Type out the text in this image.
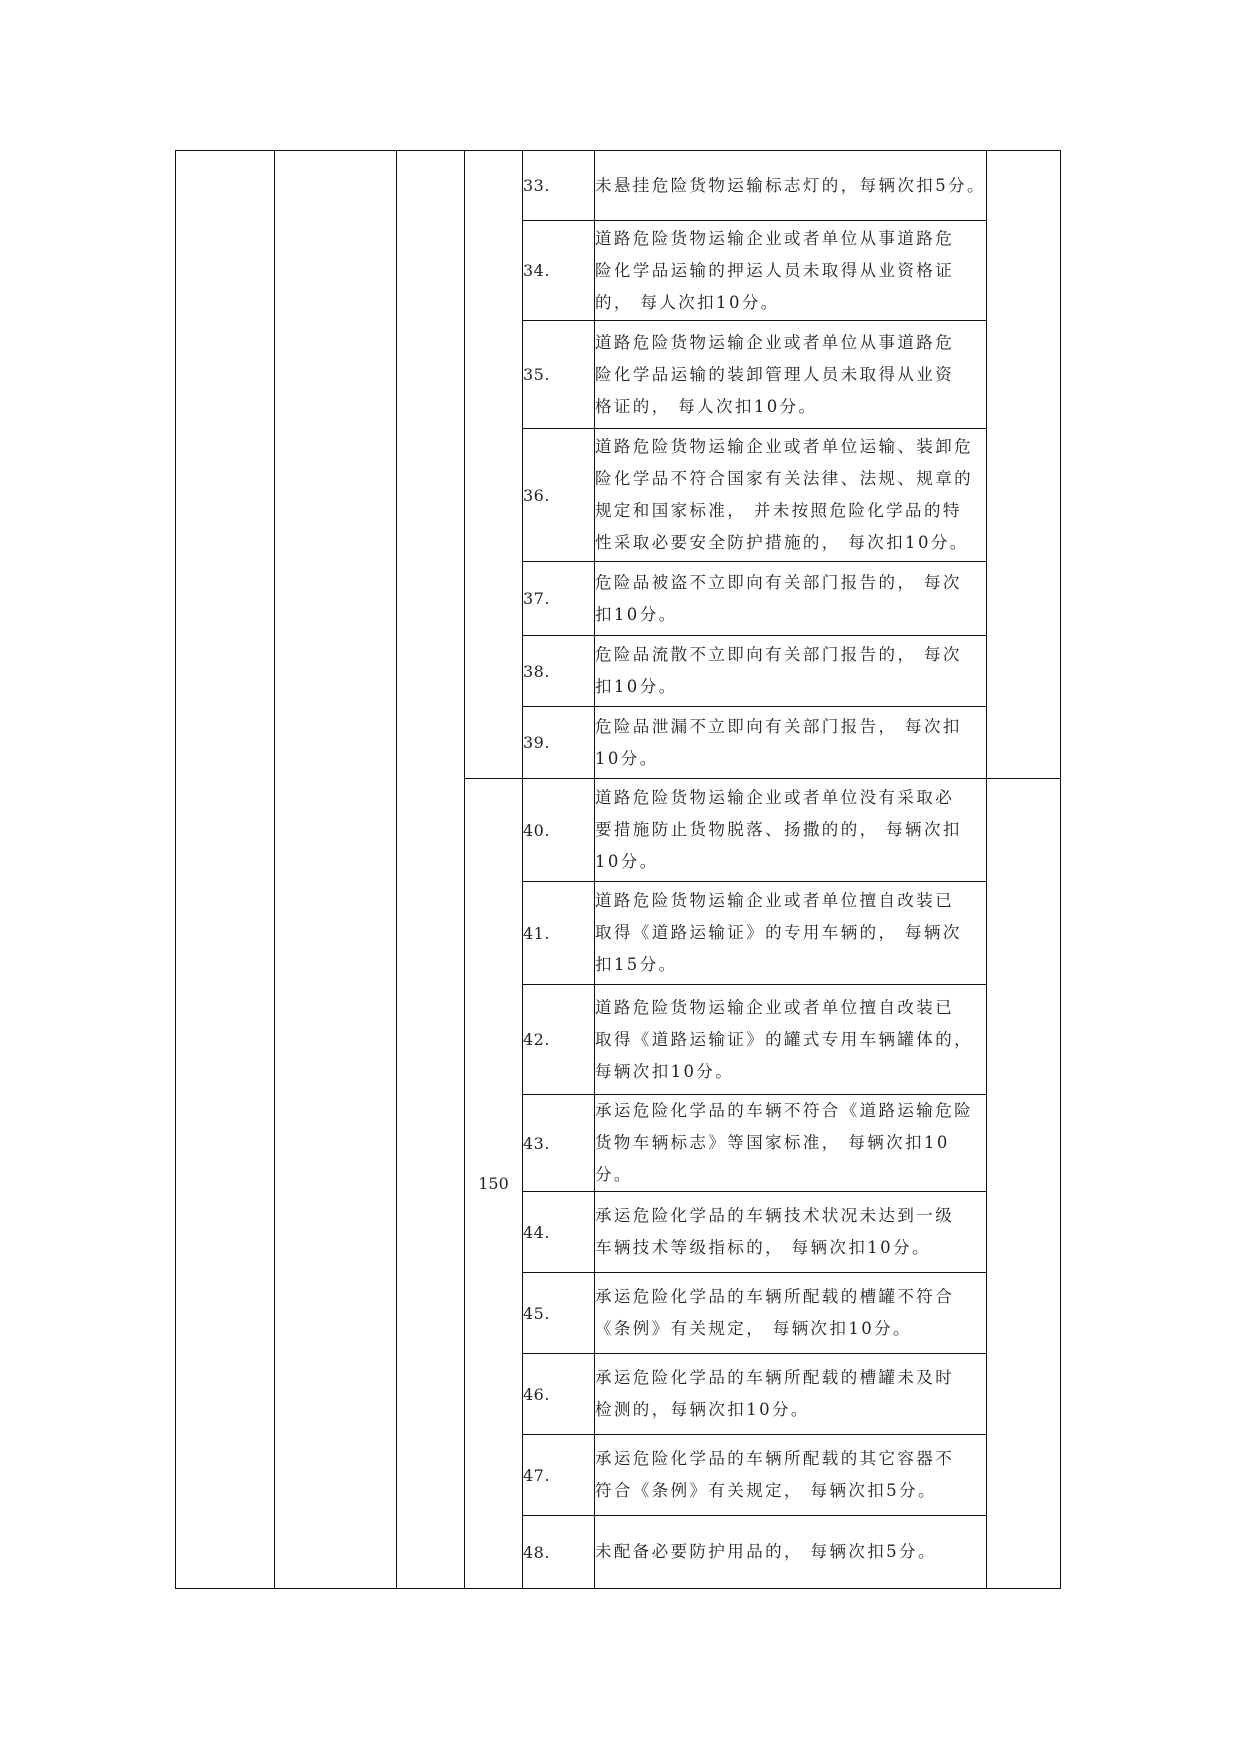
				33.	未悬挂危险货物运输标志灯的，每辆次扣5分。	
				34.	道路危险货物运输企业或者单位从事道路危
险化学品运输的押运人员未取得从业资格证
的， 每人次扣10分。	
				35.	道路危险货物运输企业或者单位从事道路危
险化学品运输的装卸管理人员未取得从业资
格证的， 每人次扣10分。	
				36.	道路危险货物运输企业或者单位运输、装卸危
险化学品不符合国家有关法律、法规、规章的
规定和国家标准， 并未按照危险化学品的特
性采取必要安全防护措施的， 每次扣10分。	
				37.	危险品被盗不立即向有关部门报告的， 每次
扣10分。	
				38.	危险品流散不立即向有关部门报告的， 每次
扣10分。	
				39.	危险品泄漏不立即向有关部门报告， 每次扣
10分。	
			150	40.	道路危险货物运输企业或者单位没有采取必
要措施防止货物脱落、扬撒的的， 每辆次扣
10分。	
				41.	道路危险货物运输企业或者单位擅自改装已
取得《道路运输证》的专用车辆的， 每辆次
扣15分。	
				42.	道路危险货物运输企业或者单位擅自改装已
取得《道路运输证》的罐式专用车辆罐体的，
每辆次扣10分。	
				43.	承运危险化学品的车辆不符合《道路运输危险
货物车辆标志》等国家标准， 每辆次扣10分。	
				44.	承运危险化学品的车辆技术状况未达到一级
车辆技术等级指标的， 每辆次扣10分。	
				45.	承运危险化学品的车辆所配载的槽罐不符合
《条例》有关规定， 每辆次扣10分。	
				46.	承运危险化学品的车辆所配载的槽罐未及时
检测的，每辆次扣10分。	
				47.	承运危险化学品的车辆所配载的其它容器不
符合《条例》有关规定， 每辆次扣5分。	
				48.	未配备必要防护用品的， 每辆次扣5分。	
